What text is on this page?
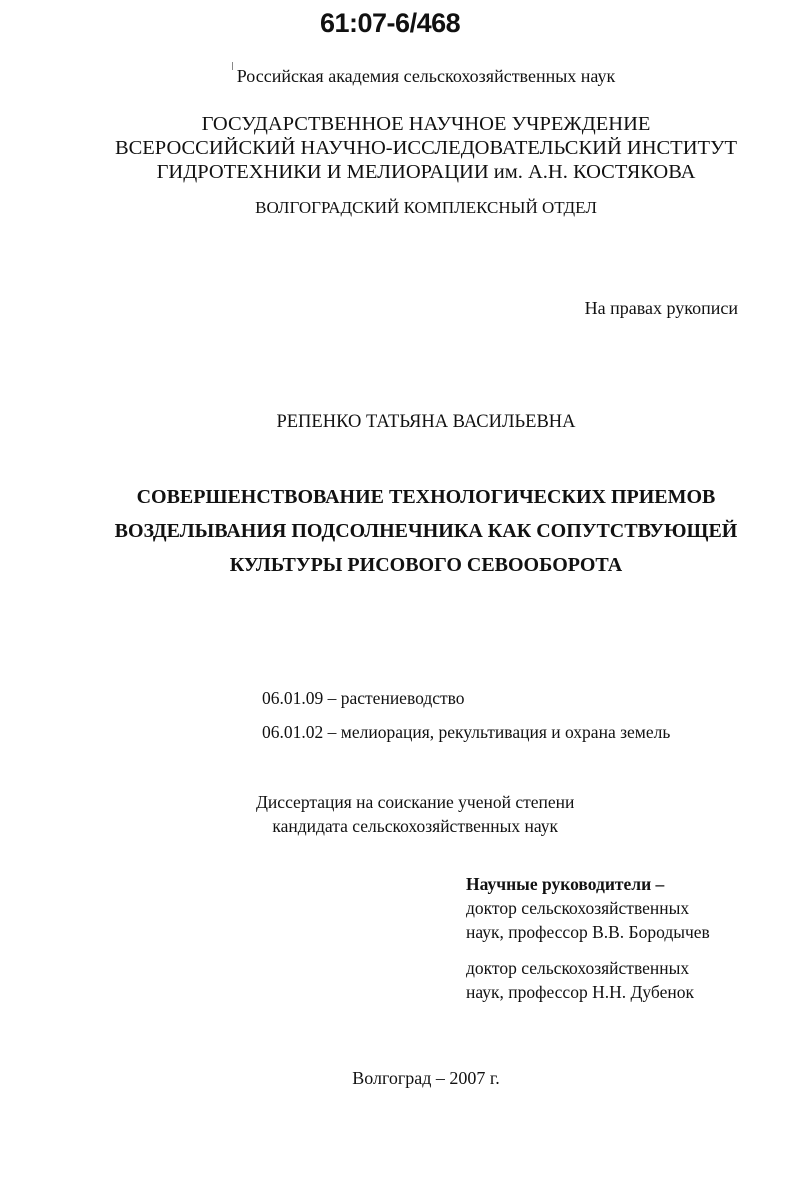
61:07-6/468
Российская академия сельскохозяйственных наук
ГОСУДАРСТВЕННОЕ НАУЧНОЕ УЧРЕЖДЕНИЕ
ВСЕРОССИЙСКИЙ НАУЧНО-ИССЛЕДОВАТЕЛЬСКИЙ ИНСТИТУТ
ГИДРОТЕХНИКИ И МЕЛИОРАЦИИ им. А.Н. КОСТЯКОВА
ВОЛГОГРАДСКИЙ КОМПЛЕКСНЫЙ ОТДЕЛ
На правах рукописи
РЕПЕНКО ТАТЬЯНА ВАСИЛЬЕВНА
СОВЕРШЕНСТВОВАНИЕ ТЕХНОЛОГИЧЕСКИХ ПРИЕМОВ
ВОЗДЕЛЫВАНИЯ ПОДСОЛНЕЧНИКА КАК СОПУТСТВУЮЩЕЙ
КУЛЬТУРЫ РИСОВОГО СЕВООБОРОТА
06.01.09 – растениеводство
06.01.02 – мелиорация, рекультивация и охрана земель
Диссертация на соискание ученой степени
кандидата сельскохозяйственных наук
Научные руководители –
доктор сельскохозяйственных
наук, профессор В.В. Бородычев
доктор сельскохозяйственных
наук, профессор Н.Н. Дубенок
Волгоград – 2007 г.
